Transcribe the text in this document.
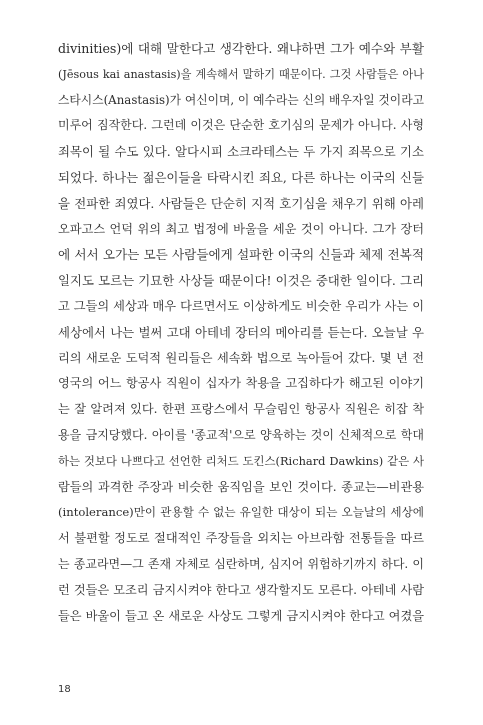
divinities)에 대해 말한다고 생각한다. 왜냐하면 그가 예수와 부활
(Jēsous kai anastasis)을 계속해서 말하기 때문이다. 그것 사람들은 아나
스타시스(Anastasis)가 여신이며, 이 예수라는 신의 배우자일 것이라고
미루어 짐작한다. 그런데 이것은 단순한 호기심의 문제가 아니다. 사형
죄목이 될 수도 있다. 알다시피 소크라테스는 두 가지 죄목으로 기소
되었다. 하나는 젊은이들을 타락시킨 죄요, 다른 하나는 이국의 신들
을 전파한 죄였다. 사람들은 단순히 지적 호기심을 채우기 위해 아레
오파고스 언덕 위의 최고 법정에 바울을 세운 것이 아니다. 그가 장터
에 서서 오가는 모든 사람들에게 설파한 이국의 신들과 체제 전복적
일지도 모르는 기묘한 사상들 때문이다! 이것은 중대한 일이다. 그리
고 그들의 세상과 매우 다르면서도 이상하게도 비슷한 우리가 사는 이
세상에서 나는 벌써 고대 아테네 장터의 메아리를 듣는다. 오늘날 우
리의 새로운 도덕적 원리들은 세속화 법으로 녹아들어 갔다. 몇 년 전
영국의 어느 항공사 직원이 십자가 착용을 고집하다가 해고된 이야기
는 잘 알려져 있다. 한편 프랑스에서 무슬림인 항공사 직원은 히잡 착
용을 금지당했다. 아이를 '종교적'으로 양육하는 것이 신체적으로 학대
하는 것보다 나쁘다고 선언한 리처드 도킨스(Richard Dawkins) 같은 사
람들의 과격한 주장과 비슷한 움직임을 보인 것이다. 종교는—비관용
(intolerance)만이 관용할 수 없는 유일한 대상이 되는 오늘날의 세상에
서 불편할 정도로 절대적인 주장들을 외치는 아브라함 전통들을 따르
는 종교라면—그 존재 자체로 심란하며, 심지어 위험하기까지 하다. 이
런 것들은 모조리 금지시켜야 한다고 생각할지도 모른다. 아테네 사람
들은 바울이 들고 온 새로운 사상도 그렇게 금지시켜야 한다고 여겼을
18
